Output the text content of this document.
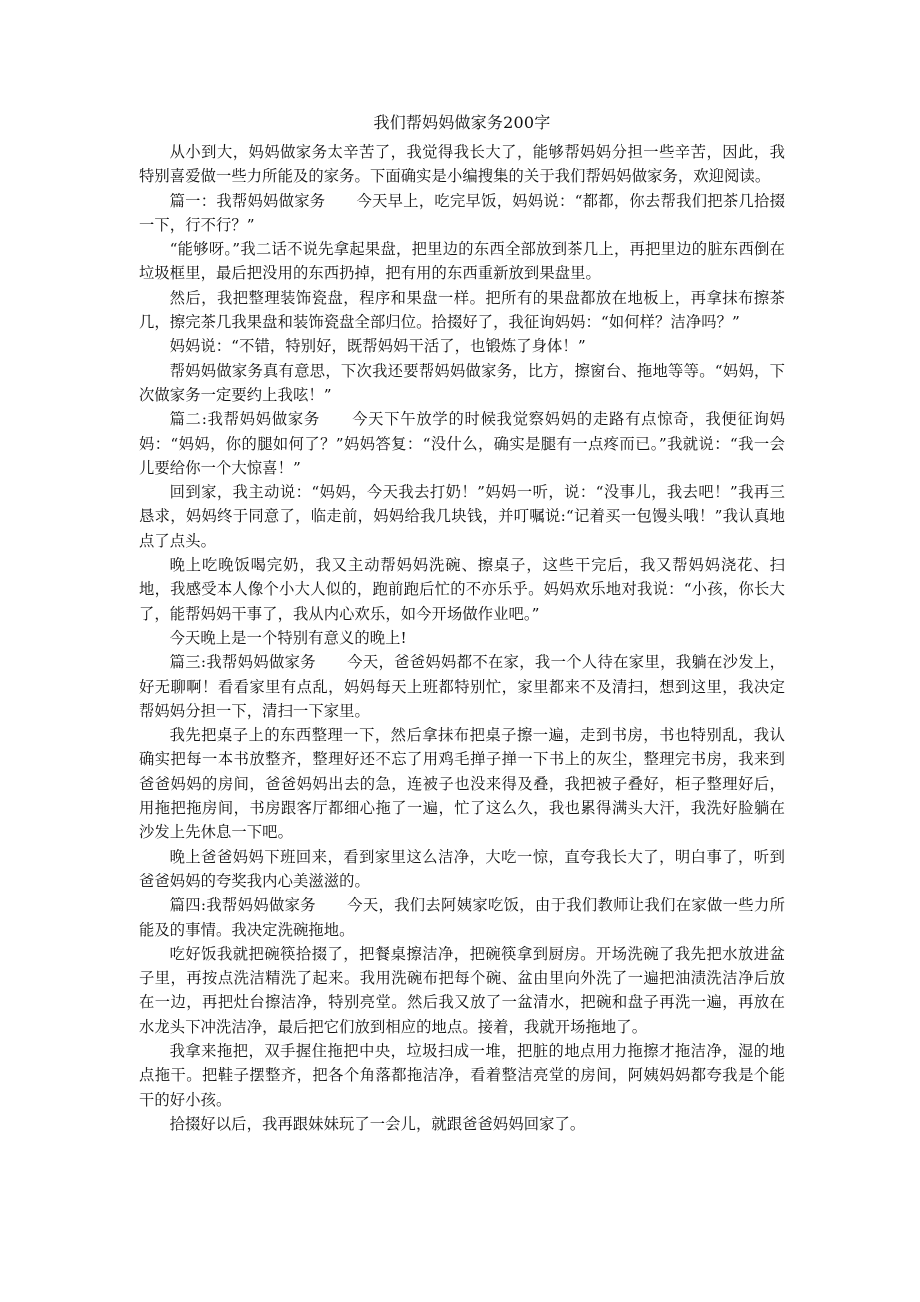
我们帮妈妈做家务200字

从小到大，妈妈做家务太辛苦了，我觉得我长大了，能够帮妈妈分担一些辛苦，因此，我特别喜爱做一些力所能及的家务。下面确实是小编搜集的关于我们帮妈妈做家务，欢迎阅读。

篇一：我帮妈妈做家务　　今天早上，吃完早饭，妈妈说：“都都，你去帮我们把茶几拾掇一下，行不行？”

“能够呀。”我二话不说先拿起果盘，把里边的东西全部放到茶几上，再把里边的脏东西倒在垃圾框里，最后把没用的东西扔掉，把有用的东西重新放到果盘里。

然后，我把整理装饰瓷盘，程序和果盘一样。把所有的果盘都放在地板上，再拿抹布擦茶几，擦完茶几我果盘和装饰瓷盘全部归位。拾掇好了，我征询妈妈：“如何样？洁净吗？”

妈妈说：“不错，特别好，既帮妈妈干活了，也锻炼了身体！”

帮妈妈做家务真有意思，下次我还要帮妈妈做家务，比方，擦窗台、拖地等等。“妈妈，下次做家务一定要约上我呟！”

篇二:我帮妈妈做家务　　今天下午放学的时候我觉察妈妈的走路有点惊奇，我便征询妈妈：“妈妈，你的腿如何了？”妈妈答复：“没什么，确实是腿有一点疼而已。”我就说：“我一会儿要给你一个大惊喜！”

回到家，我主动说：“妈妈，今天我去打奶！”妈妈一听，说：“没事儿，我去吧！”我再三恳求，妈妈终于同意了，临走前，妈妈给我几块钱，并叮嘱说:“记着买一包馒头哦！”我认真地点了点头。

晚上吃晚饭喝完奶，我又主动帮妈妈洗碗、擦桌子，这些干完后，我又帮妈妈浇花、扫地，我感受本人像个小大人似的，跑前跑后忙的不亦乐乎。妈妈欢乐地对我说：“小孩，你长大了，能帮妈妈干事了，我从内心欢乐，如今开场做作业吧。”

今天晚上是一个特别有意义的晚上!

篇三:我帮妈妈做家务　　今天，爸爸妈妈都不在家，我一个人待在家里，我躺在沙发上，好无聊啊！看看家里有点乱，妈妈每天上班都特别忙，家里都来不及清扫，想到这里，我决定帮妈妈分担一下，清扫一下家里。

我先把桌子上的东西整理一下，然后拿抹布把桌子擦一遍，走到书房，书也特别乱，我认确实把每一本书放整齐，整理好还不忘了用鸡毛掸子掸一下书上的灰尘，整理完书房，我来到爸爸妈妈的房间，爸爸妈妈出去的急，连被子也没来得及叠，我把被子叠好，柜子整理好后，用拖把拖房间，书房跟客厅都细心拖了一遍，忙了这么久，我也累得满头大汗，我洗好脸躺在沙发上先休息一下吧。

晚上爸爸妈妈下班回来，看到家里这么洁净，大吃一惊，直夸我长大了，明白事了，听到爸爸妈妈的夸奖我内心美滋滋的。

篇四:我帮妈妈做家务　　今天，我们去阿姨家吃饭，由于我们教师让我们在家做一些力所能及的事情。我决定洗碗拖地。

吃好饭我就把碗筷拾掇了，把餐桌擦洁净，把碗筷拿到厨房。开场洗碗了我先把水放进盆子里，再按点洗洁精洗了起来。我用洗碗布把每个碗、盆由里向外洗了一遍把油渍洗洁净后放在一边，再把灶台擦洁净，特别亮堂。然后我又放了一盆清水，把碗和盘子再洗一遍，再放在水龙头下冲洗洁净，最后把它们放到相应的地点。接着，我就开场拖地了。

我拿来拖把，双手握住拖把中央，垃圾扫成一堆，把脏的地点用力拖擦才拖洁净，湿的地点拖干。把鞋子摆整齐，把各个角落都拖洁净，看着整洁亮堂的房间，阿姨妈妈都夸我是个能干的好小孩。

拾掇好以后，我再跟妹妹玩了一会儿，就跟爸爸妈妈回家了。
